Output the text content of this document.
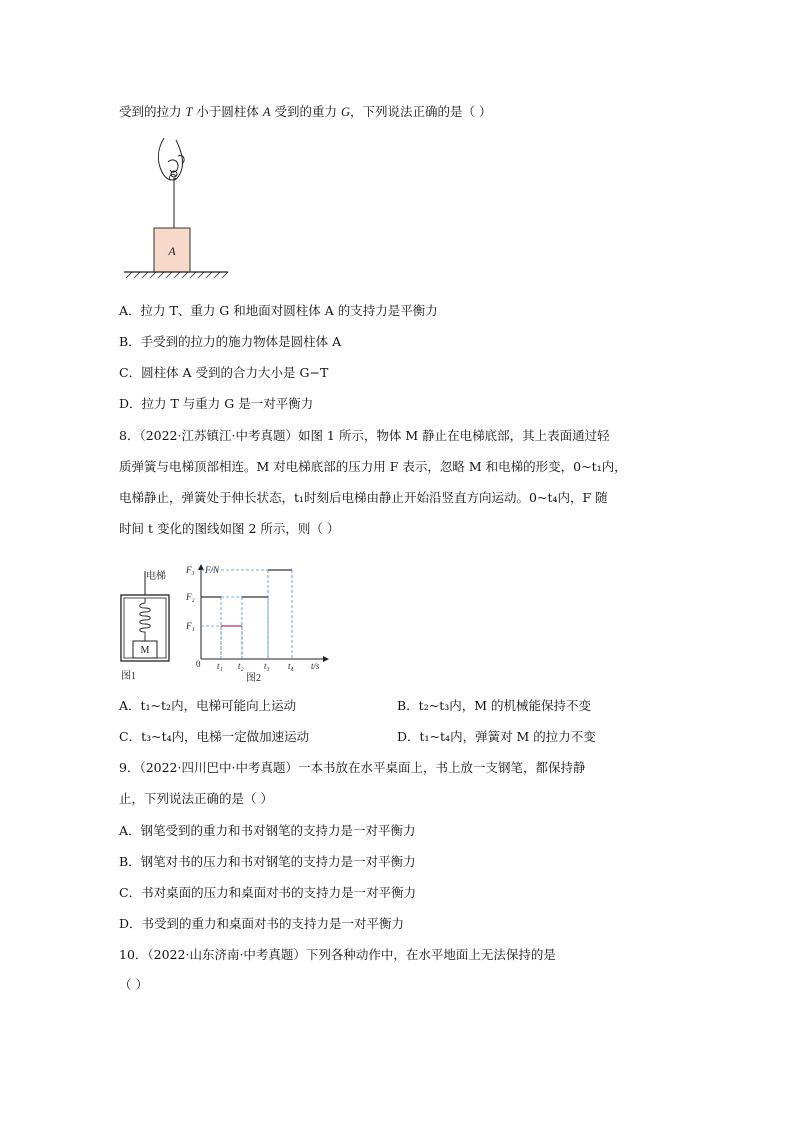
受到的拉力 T 小于圆柱体 A 受到的重力 G，下列说法正确的是（ ）
A
A．拉力 T、重力 G 和地面对圆柱体 A 的支持力是平衡力
B．手受到的拉力的施力物体是圆柱体 A
C．圆柱体 A 受到的合力大小是 G−T
D．拉力 T 与重力 G 是一对平衡力
8．（2022·江苏镇江·中考真题）如图 1 所示，物体 M 静止在电梯底部，其上表面通过轻
质弹簧与电梯顶部相连。M 对电梯底部的压力用 F 表示，忽略 M 和电梯的形变，0~t₁内，
电梯静止，弹簧处于伸长状态，t₁时刻后电梯由静止开始沿竖直方向运动。0~t₄内，F 随
时间 t 变化的图线如图 2 所示，则（ ）
电梯
M
图1
F/N
t/s
0
F₁
F₂
F₃
t₁ t₂ t₃ t₄
图2
A．t₁~t₂内，电梯可能向上运动	B．t₂~t₃内，M 的机械能保持不变
C．t₃~t₄内，电梯一定做加速运动	D．t₁~t₄内，弹簧对 M 的拉力不变
9．（2022·四川巴中·中考真题）一本书放在水平桌面上，书上放一支钢笔，都保持静
止，下列说法正确的是（ ）
A．钢笔受到的重力和书对钢笔的支持力是一对平衡力
B．钢笔对书的压力和书对钢笔的支持力是一对平衡力
C．书对桌面的压力和桌面对书的支持力是一对平衡力
D．书受到的重力和桌面对书的支持力是一对平衡力
10．（2022·山东济南·中考真题）下列各种动作中，在水平地面上无法保持的是
（ ）
